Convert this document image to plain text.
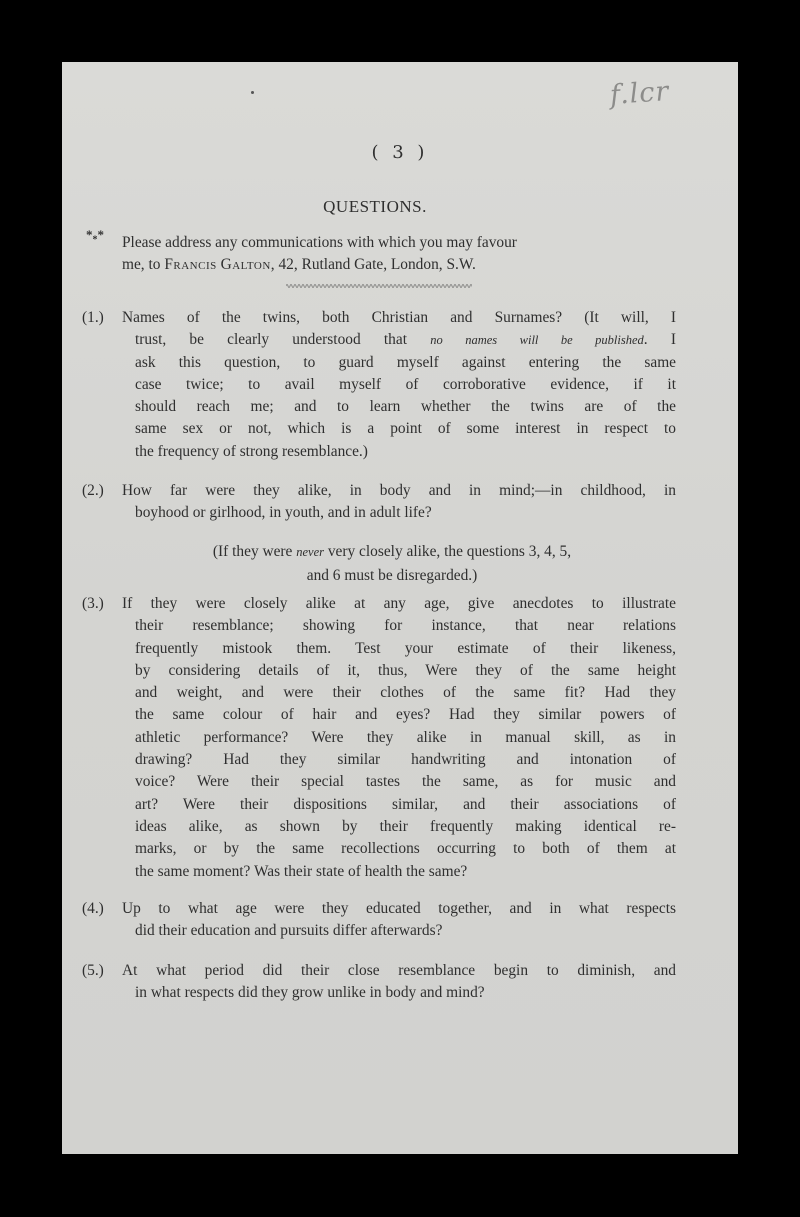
f.lcr
( 3 )
QUESTIONS.
$*_**$ Please address any communications with which you may favour
me, to Francis Galton, 42, Rutland Gate, London, S.W.
(1.)	Names of the twins, both Christian and Surnames? (It will, I trust, be clearly understood that no names will be published. I ask this question, to guard myself against entering the same case twice; to avail myself of corroborative evidence, if it should reach me; and to learn whether the twins are of the same sex or not, which is a point of some interest in respect to the frequency of strong resemblance.)
(2.)	How far were they alike, in body and in mind;—in childhood, in boyhood or girlhood, in youth, and in adult life?
(If they were never very closely alike, the questions 3, 4, 5,
and 6 must be disregarded.)
(3.)	If they were closely alike at any age, give anecdotes to illustrate their resemblance; showing for instance, that near relations frequently mistook them. Test your estimate of their likeness, by considering details of it, thus, Were they of the same height and weight, and were their clothes of the same fit? Had they the same colour of hair and eyes? Had they similar powers of athletic performance? Were they alike in manual skill, as in drawing? Had they similar handwriting and intonation of voice? Were their special tastes the same, as for music and art? Were their dispositions similar, and their associations of ideas alike, as shown by their frequently making identical re- marks, or by the same recollections occurring to both of them at the same moment? Was their state of health the same?
(4.)	Up to what age were they educated together, and in what respects did their education and pursuits differ afterwards?
(5.)	At what period did their close resemblance begin to diminish, and in what respects did they grow unlike in body and mind?
